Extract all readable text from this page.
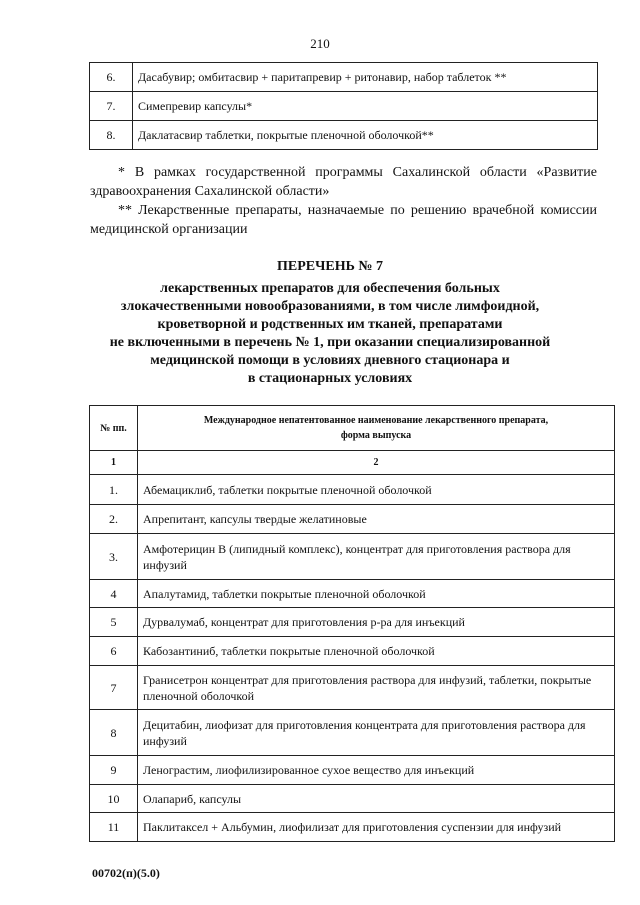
210
6.	Дасабувир; омбитасвир + паритапревир + ритонавир, набор таблеток **
7.	Симепревир капсулы*
8.	Даклатасвир таблетки, покрытые пленочной оболочкой**

* В рамках государственной программы Сахалинской области «Развитие здравоохранения Сахалинской области»

** Лекарственные препараты, назначаемые по решению врачебной комиссии медицинской организации

ПЕРЕЧЕНЬ № 7
лекарственных препаратов для обеспечения больных
злокачественными новообразованиями, в том числе лимфоидной,
кроветворной и родственных им тканей, препаратами
не включенными в перечень № 1, при оказании специализированной
медицинской помощи в условиях дневного стационара и
в стационарных условиях
№ пп.	Международное непатентованное наименование лекарственного препарата,
форма выпуска

1	2
1.	Абемациклиб, таблетки покрытые пленочной оболочкой
2.	Апрепитант, капсулы твердые желатиновые
3.	Амфотерицин В (липидный комплекс), концентрат для приготовления раствора для инфузий
4	Апалутамид, таблетки покрытые пленочной оболочкой
5	Дурвалумаб, концентрат для приготовления р-ра для инъекций
6	Кабозантиниб, таблетки покрытые пленочной оболочкой
7	Гранисетрон концентрат для приготовления раствора для инфузий, таблетки, покрытые пленочной оболочкой
8	Децитабин, лиофизат для приготовления концентрата для приготовления раствора для инфузий
9	Ленограстим, лиофилизированное сухое вещество для инъекций
10	Олапариб, капсулы
11	Паклитаксел + Альбумин, лиофилизат для приготовления суспензии для инфузий
00702(п)(5.0)
